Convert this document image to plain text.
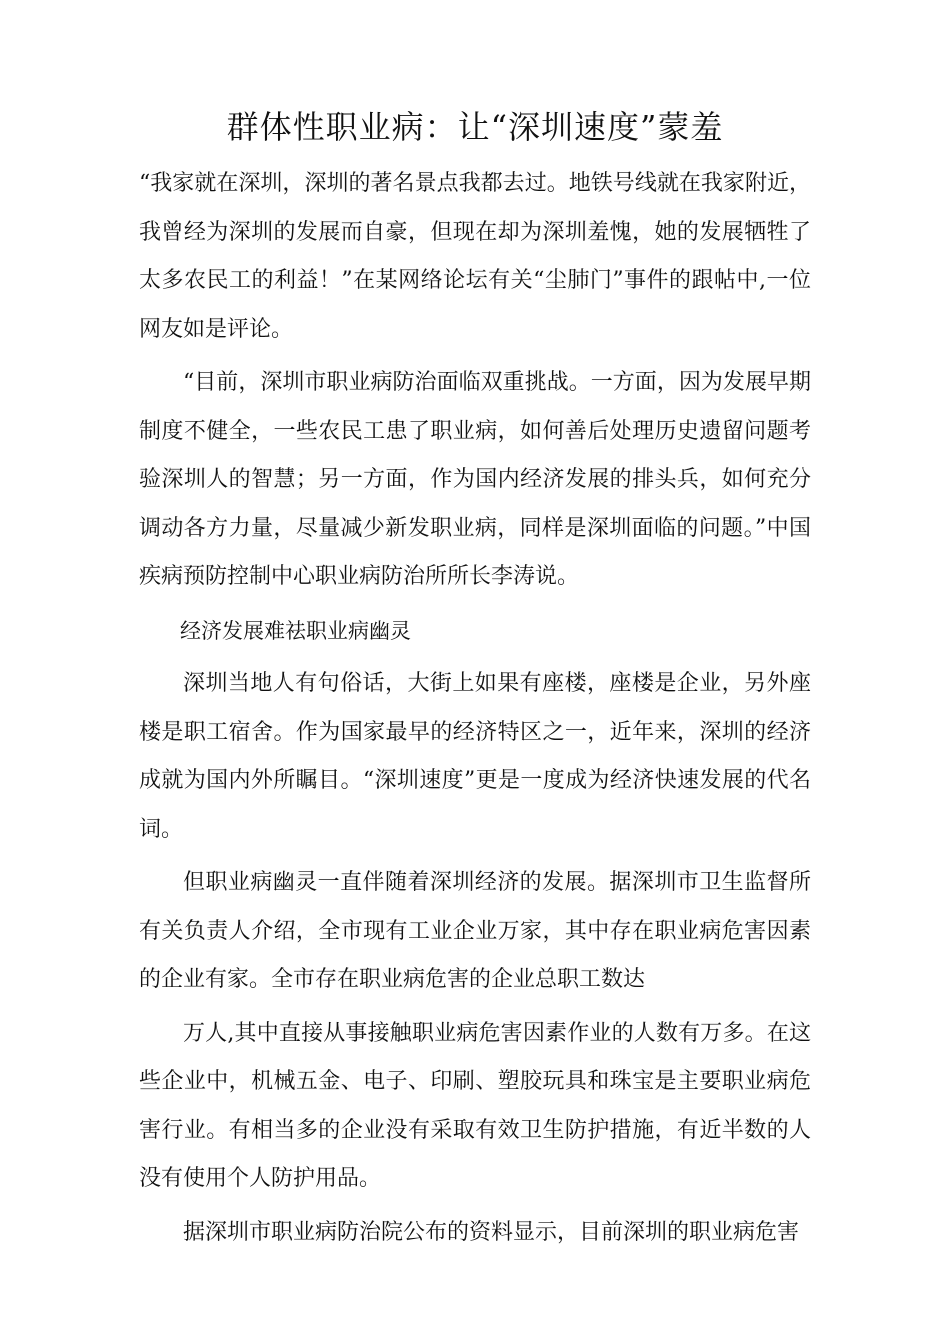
群体性职业病：让“深圳速度”蒙羞

“我家就在深圳，深圳的著名景点我都去过。地铁号线就在我家附近，我曾经为深圳的发展而自豪，但现在却为深圳羞愧，她的发展牺牲了太多农民工的利益！”在某网络论坛有关“尘肺门”事件的跟帖中,一位网友如是评论。

“目前，深圳市职业病防治面临双重挑战。一方面，因为发展早期制度不健全，一些农民工患了职业病，如何善后处理历史遗留问题考验深圳人的智慧；另一方面，作为国内经济发展的排头兵，如何充分调动各方力量，尽量减少新发职业病，同样是深圳面临的问题。”中国疾病预防控制中心职业病防治所所长李涛说。

经济发展难祛职业病幽灵

深圳当地人有句俗话，大街上如果有座楼，座楼是企业，另外座楼是职工宿舍。作为国家最早的经济特区之一，近年来，深圳的经济成就为国内外所瞩目。“深圳速度”更是一度成为经济快速发展的代名词。

但职业病幽灵一直伴随着深圳经济的发展。据深圳市卫生监督所有关负责人介绍，全市现有工业企业万家，其中存在职业病危害因素的企业有家。全市存在职业病危害的企业总职工数达

万人,其中直接从事接触职业病危害因素作业的人数有万多。在这些企业中，机械五金、电子、印刷、塑胶玩具和珠宝是主要职业病危害行业。有相当多的企业没有采取有效卫生防护措施，有近半数的人没有使用个人防护用品。

据深圳市职业病防治院公布的资料显示，目前深圳的职业病危害
